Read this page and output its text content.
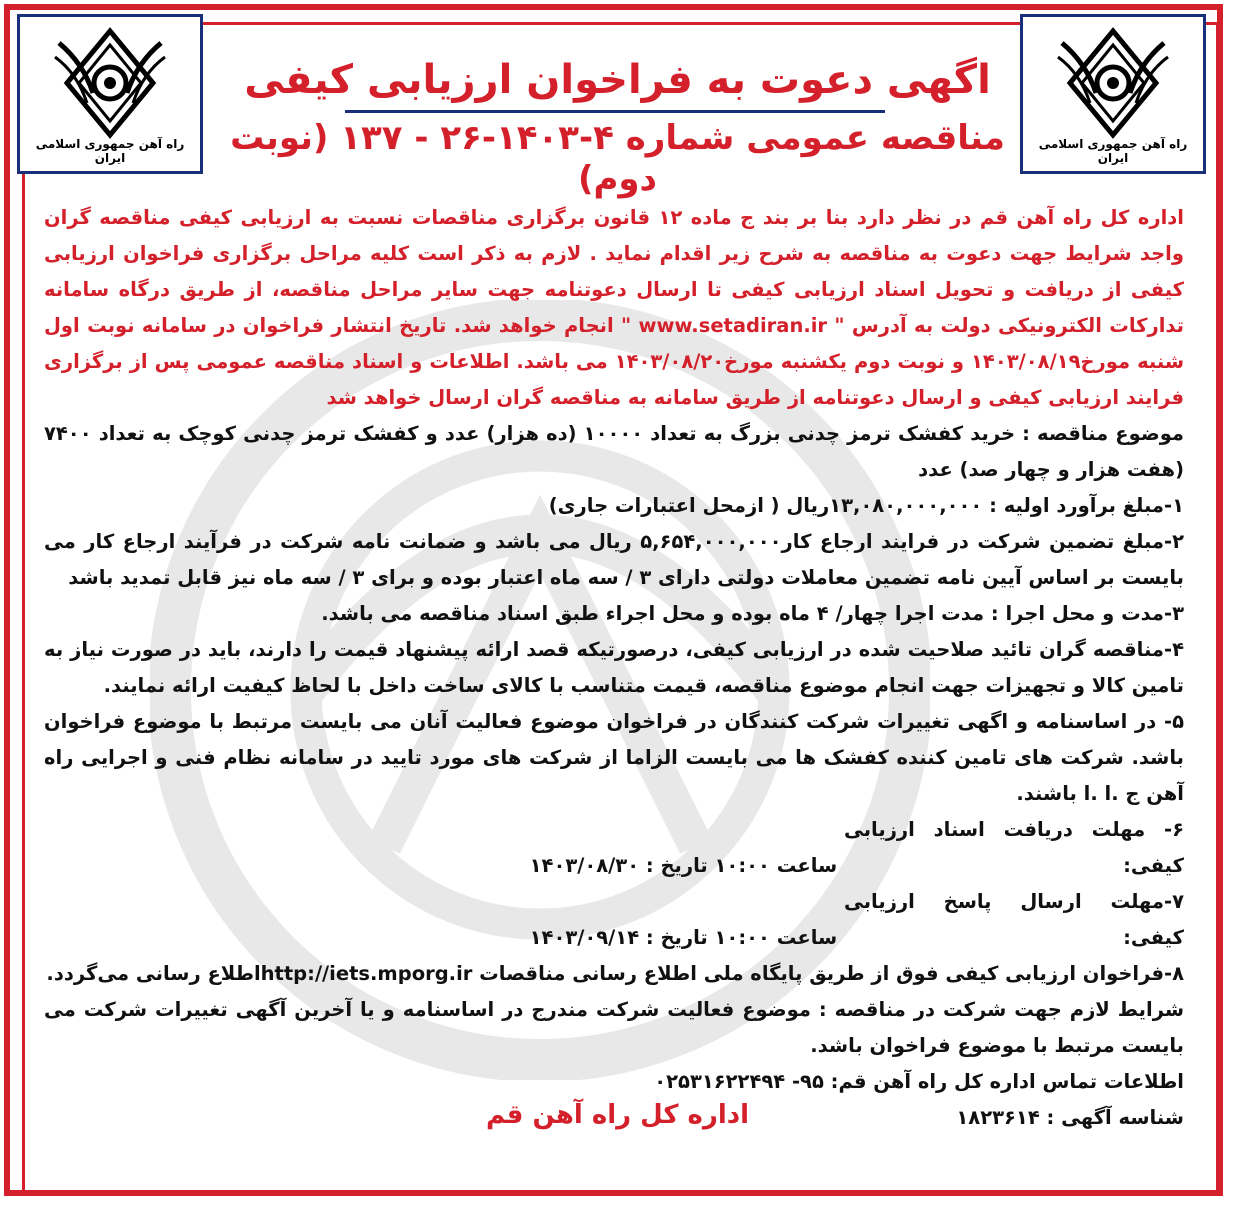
راه آهن جمهوری اسلامی ایران
راه آهن جمهوری اسلامی ایران
اگهی دعوت به فراخوان ارزیابی کیفی
مناقصه عمومی شماره ۴-۱۴۰۳-۲۶ - ۱۳۷ (نوبت دوم)

اداره کل راه آهن قم در نظر دارد بنا بر بند ج ماده ۱۲ قانون برگزاری مناقصات نسبت به ارزیابی کیفی مناقصه گران واجد شرایط جهت دعوت به مناقصه به شرح زیر اقدام نماید . لازم به ذکر است کلیه مراحل برگزاری فراخوان ارزیابی کیفی از دریافت و تحویل اسناد ارزیابی کیفی تا ارسال دعوتنامه جهت سایر مراحل مناقصه، از طریق درگاه سامانه تدارکات الکترونیکی دولت به آدرس " www.setadiran.ir " انجام خواهد شد. تاریخ انتشار فراخوان در سامانه نوبت اول شنبه مورخ۱۴۰۳/۰۸/۱۹ و نوبت دوم یکشنبه مورخ۱۴۰۳/۰۸/۲۰ می باشد. اطلاعات و اسناد مناقصه عمومی پس از برگزاری فرایند ارزیابی کیفی و ارسال دعوتنامه از طریق سامانه به مناقصه گران ارسال خواهد شد

موضوع مناقصه : خرید کفشک ترمز چدنی بزرگ به تعداد ۱۰۰۰۰ (ده هزار) عدد و کفشک ترمز چدنی کوچک به تعداد ۷۴۰۰ (هفت هزار و چهار صد) عدد

۱-مبلغ برآورد اولیه : ۱۳,۰۸۰,۰۰۰,۰۰۰ریال ( ازمحل اعتبارات جاری)

۲-مبلغ تضمین شرکت در فرایند ارجاع کار۵,۶۵۴,۰۰۰,۰۰۰ ریال می باشد و ضمانت نامه شرکت در فرآیند ارجاع کار می بایست بر اساس آیین نامه تضمین معاملات دولتی دارای ۳ / سه ماه اعتبار بوده و برای ۳ / سه ماه نیز قابل تمدید باشد

۳-مدت و محل اجرا : مدت اجرا چهار/ ۴ ماه بوده و محل اجراء طبق اسناد مناقصه می باشد.

۴-مناقصه گران تائید صلاحیت شده در ارزیابی کیفی، درصورتیکه قصد ارائه پیشنهاد قیمت را دارند، باید در صورت نیاز به تامین کالا و تجهیزات جهت انجام موضوع مناقصه، قیمت متناسب با کالای ساخت داخل با لحاظ کیفیت ارائه نمایند.

۵- در اساسنامه و اگهی تغییرات شرکت کنندگان در فراخوان موضوع فعالیت آنان می بایست مرتبط با موضوع فراخوان باشد. شرکت های تامین کننده کفشک ها می بایست الزاما از شرکت های مورد تایید در سامانه نظام فنی و اجرایی راه آهن ج .ا .ا باشند.

۶- مهلت دریافت اسناد ارزیابی کیفی: ساعت ۱۰:۰۰ تاریخ : ۱۴۰۳/۰۸/۳۰

۷-مهلت ارسال پاسخ ارزیابی کیفی: ساعت ۱۰:۰۰ تاریخ : ۱۴۰۳/۰۹/۱۴

۸-فراخوان ارزیابی کیفی فوق از طریق پایگاه ملی اطلاع رسانی مناقصات http://iets.mporg.irاطلاع رسانی می‌گردد.

شرایط لازم جهت شرکت در مناقصه : موضوع فعالیت شرکت مندرج در اساسنامه و یا آخرین آگهی تغییرات شرکت می بایست مرتبط با موضوع فراخوان باشد.

اطلاعات تماس اداره کل راه آهن قم: ۹۵- ۰۲۵۳۱۶۲۲۴۹۴

شناسه آگهی : ۱۸۲۳۶۱۴

اداره کل راه آهن قم
